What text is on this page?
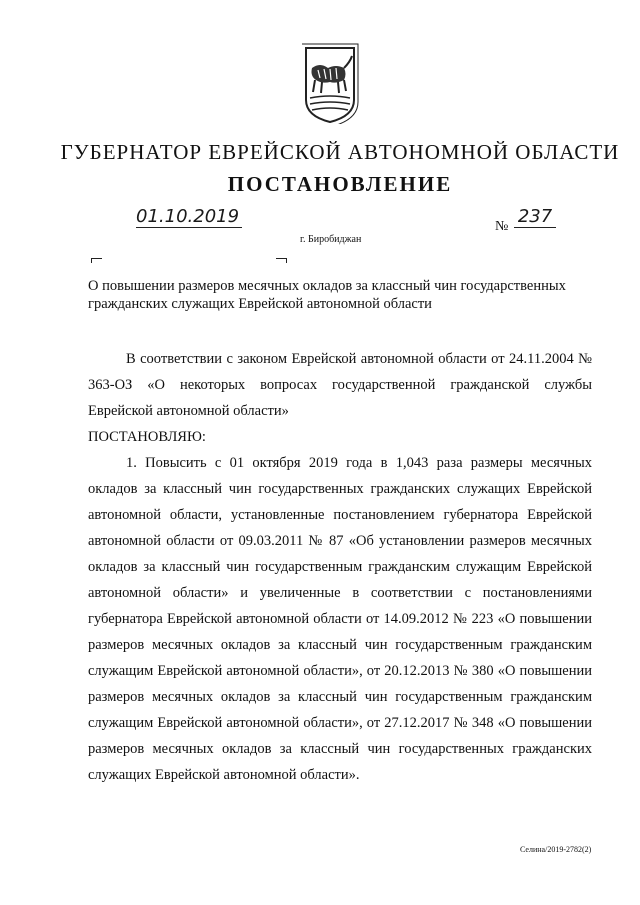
ГУБЕРНАТОР ЕВРЕЙСКОЙ АВТОНОМНОЙ ОБЛАСТИ
ПОСТАНОВЛЕНИЕ
01.10.2019	№ 237
г. Биробиджан
О повышении размеров месячных окладов за классный чин государственных гражданских служащих Еврейской автономной области

В соответствии с законом Еврейской автономной области от 24.11.2004 № 363-ОЗ «О некоторых вопросах государственной гражданской службы Еврейской автономной области»

ПОСТАНОВЛЯЮ:

1. Повысить с 01 октября 2019 года в 1,043 раза размеры месячных окладов за классный чин государственных гражданских служащих Еврейской автономной области, установленные постановлением губернатора Еврейской автономной области от 09.03.2011 № 87 «Об установлении размеров месячных окладов за классный чин государственным гражданским служащим Еврейской автономной области» и увеличенные в соответствии с постановлениями губернатора Еврейской автономной области от 14.09.2012 № 223 «О повышении размеров месячных окладов за классный чин государственным гражданским служащим Еврейской автономной области», от 20.12.2013 № 380 «О повышении размеров месячных окладов за классный чин государственным гражданским служащим Еврейской автономной области», от 27.12.2017 № 348 «О повышении размеров месячных окладов за классный чин государственных гражданских служащих Еврейской автономной области».

Селина/2019-2782(2)
